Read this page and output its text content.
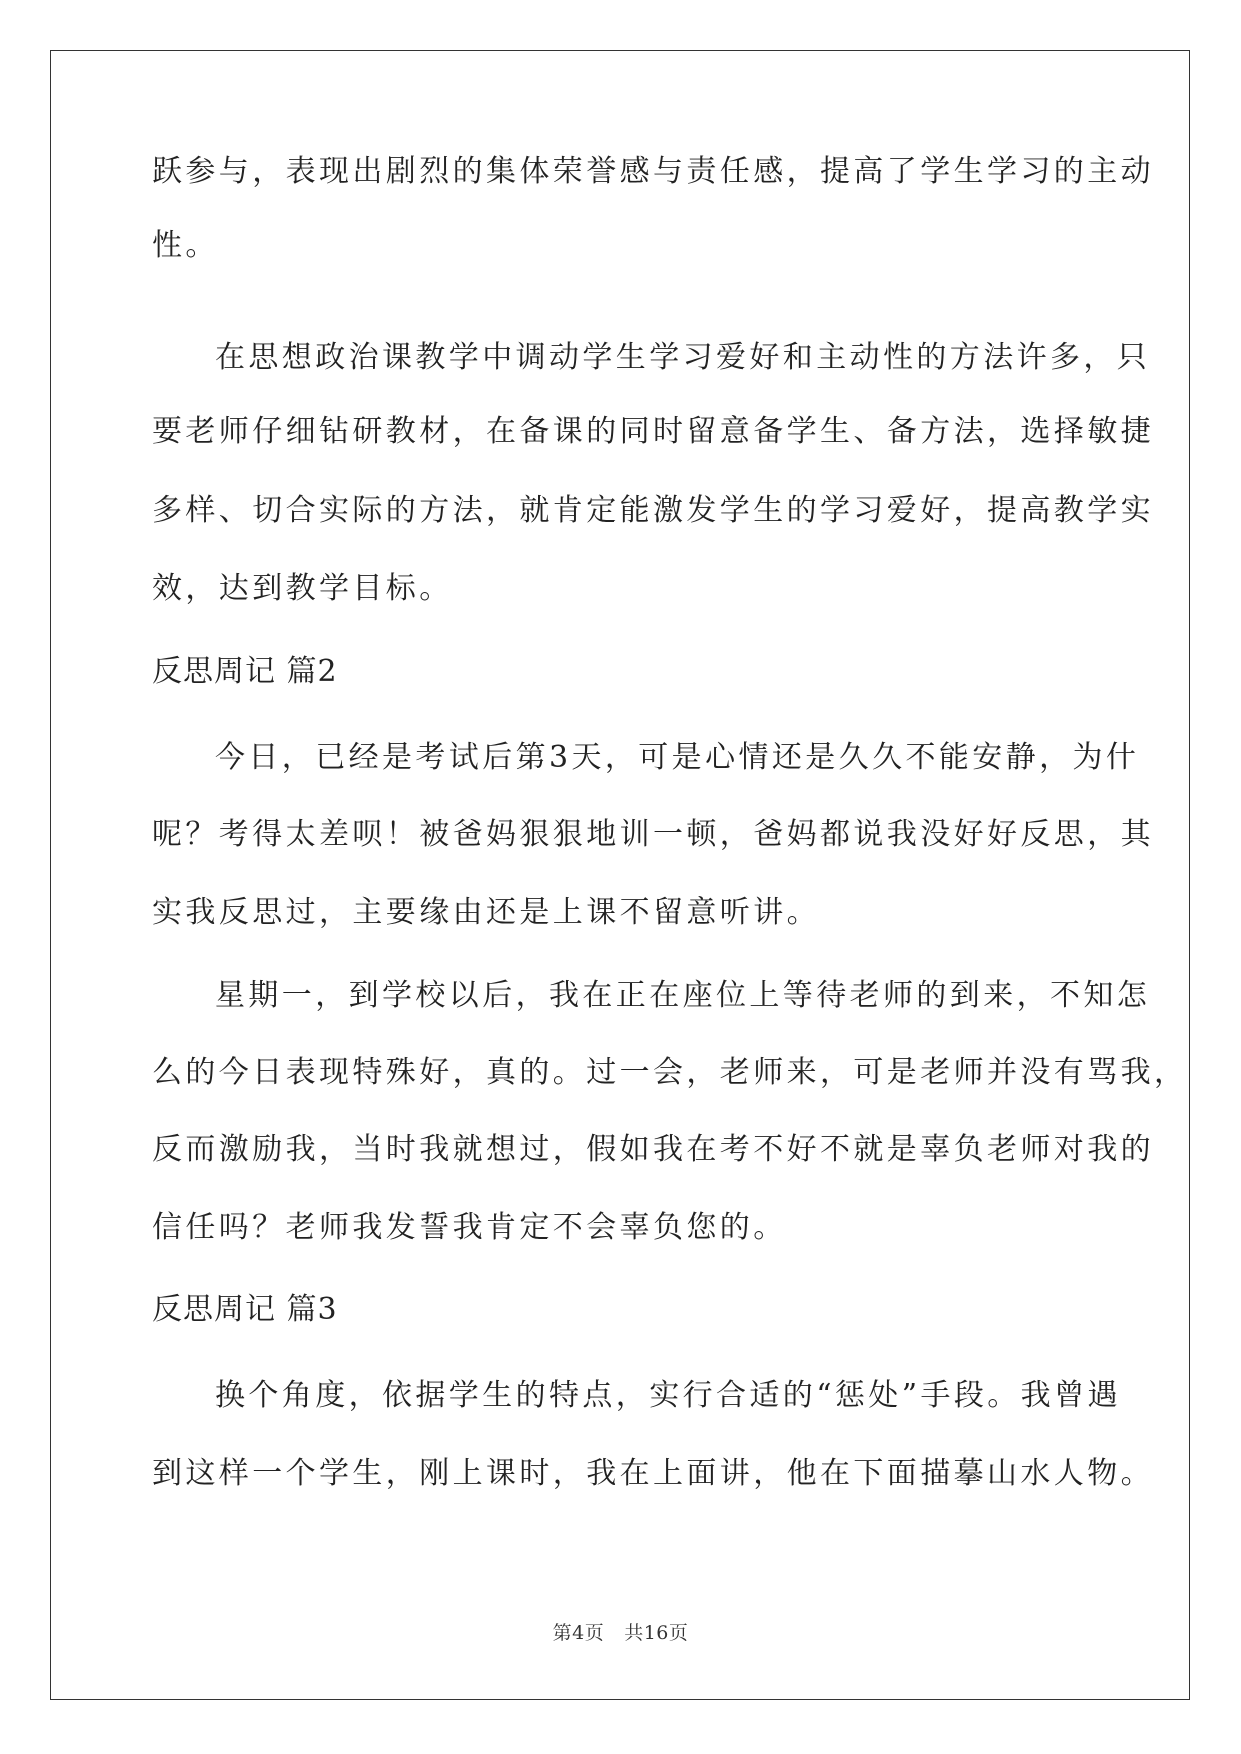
跃参与，表现出剧烈的集体荣誉感与责任感，提高了学生学习的主动
性。
在思想政治课教学中调动学生学习爱好和主动性的方法许多，只
要老师仔细钻研教材，在备课的同时留意备学生、备方法，选择敏捷
多样、切合实际的方法，就肯定能激发学生的学习爱好，提高教学实
效，达到教学目标。
反思周记 篇2
今日，已经是考试后第3天，可是心情还是久久不能安静，为什
呢？考得太差呗！被爸妈狠狠地训一顿，爸妈都说我没好好反思，其
实我反思过，主要缘由还是上课不留意听讲。
星期一，到学校以后，我在正在座位上等待老师的到来，不知怎
么的今日表现特殊好，真的。过一会，老师来，可是老师并没有骂我，
反而激励我，当时我就想过，假如我在考不好不就是辜负老师对我的
信任吗？老师我发誓我肯定不会辜负您的。
反思周记 篇3
换个角度，依据学生的特点，实行合适的“惩处”手段。我曾遇
到这样一个学生，刚上课时，我在上面讲，他在下面描摹山水人物。
第4页 共16页
